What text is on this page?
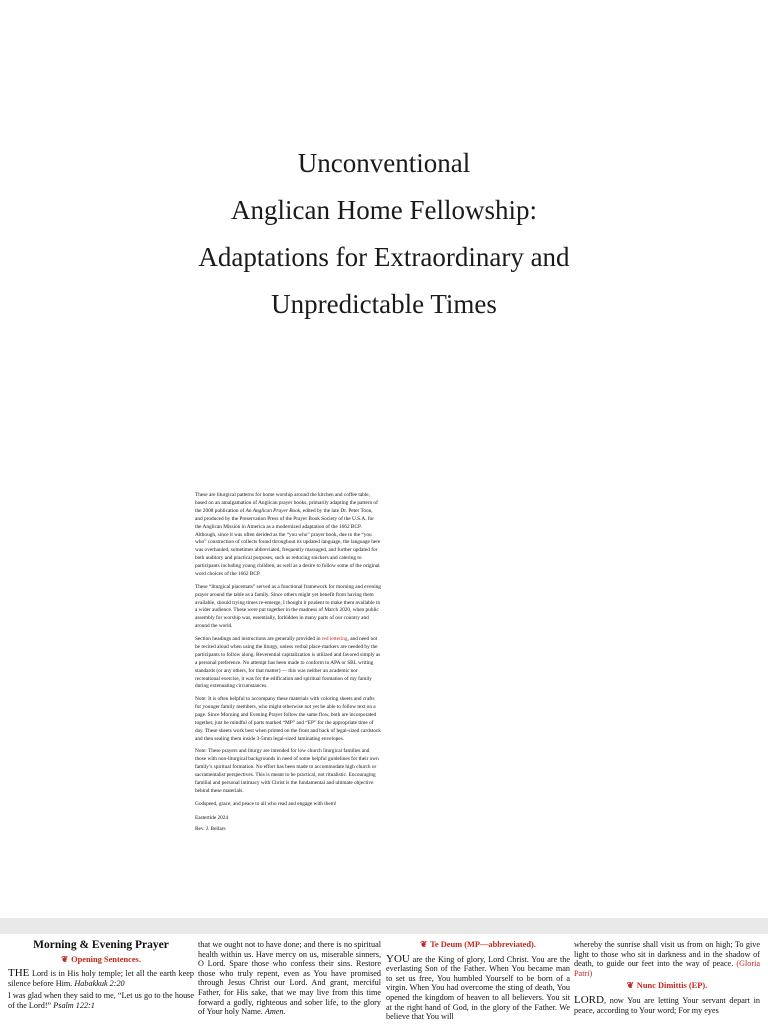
Unconventional
Anglican Home Fellowship:
Adaptations for Extraordinary and
Unpredictable Times

These are liturgical patterns for home worship around the kitchen and coffee table, based on an amalgamation of Anglican prayer books, primarily adapting the pattern of the 2008 publication of An Anglican Prayer Book, edited by the late Dr. Peter Toon, and produced by the Preservation Press of the Prayer Book Society of the U.S.A. for the Anglican Mission in America as a modernized adaptation of the 1662 BCP. Although, since it was often derided as the “you who” prayer book, due to the “you who” construction of collects found throughout its updated language, the language here was overhauled, sometimes abbreviated, frequently massaged, and further updated for both auditory and practical purposes, such as reducing snickers and catering to participants including young children, as well as a desire to follow some of the original word choices of the 1662 BCP.

These “liturgical placemats” served as a functional framework for morning and evening prayer around the table as a family. Since others might yet benefit from having them available, should trying times re-emerge, I thought it prudent to make them available to a wider audience. These were put together in the madness of March 2020, when public assembly for worship was, essentially, forbidden in many parts of our country and around the world.

Section headings and instructions are generally provided in red lettering, and need not be recited aloud when using the liturgy, unless verbal place-markers are needed by the participants to follow along. Reverential capitalization is utilized and favored simply as a personal preference. No attempt has been made to conform to APA or SBL writing standards (or any others, for that matter) — this was neither an academic nor recreational exercise, it was for the edification and spiritual formation of my family during extenuating circumstances.

Note: It is often helpful to accompany these materials with coloring sheets and crafts for younger family members, who might otherwise not yet be able to follow text on a page. Since Morning and Evening Prayer follow the same flow, both are incorporated together, just be mindful of parts marked “MP” and “EP” for the appropriate time of day. These sheets work best when printed on the front and back of legal-sized cardstock and then sealing them inside 3-5mm legal-sized laminating envelopes.

Note: These prayers and liturgy are intended for low church liturgical families and those with non-liturgical backgrounds in need of some helpful guidelines for their own family’s spiritual formation. No effort has been made to accommodate high church or sacramentalist perspectives. This is meant to be practical, not ritualistic. Encouraging familial and personal intimacy with Christ is the fundamental and ultimate objective behind these materials.

Godspeed, grace, and peace to all who read and engage with them!

Eastertide 2024
Rev. J. Bellars
Morning & Evening Prayer
❦ Opening Sentences.

THE Lord is in His holy temple; let all the earth keep silence before Him. Habakkuk 2:20

I was glad when they said to me, “Let us go to the house of the Lord!” Psalm 122:1

that we ought not to have done; and there is no spiritual health within us. Have mercy on us, miserable sinners, O Lord. Spare those who confess their sins. Restore those who truly repent, even as You have promised through Jesus Christ our Lord. And grant, merciful Father, for His sake, that we may live from this time forward a godly, righteous and sober life, to the glory of Your holy Name. Amen.

❦ Te Deum (MP—abbreviated).

YOU are the King of glory, Lord Christ. You are the everlasting Son of the Father. When You became man to set us free, You humbled Yourself to be born of a virgin. When You had overcome the sting of death, You opened the kingdom of heaven to all believers. You sit at the right hand of God, in the glory of the Father. We believe that You will

whereby the sunrise shall visit us from on high; To give light to those who sit in darkness and in the shadow of death, to guide our feet into the way of peace. (Gloria Patri)

❦ Nunc Dimittis (EP).

LORD, now You are letting Your servant depart in peace, according to Your word; For my eyes
